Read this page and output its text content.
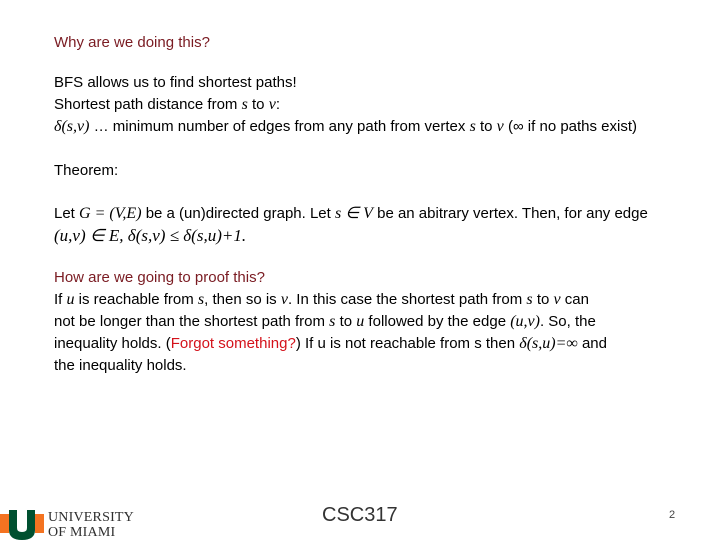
Why are we doing this?
BFS allows us to find shortest paths!
Shortest path distance from s to v:
δ(s,v) … minimum number of edges from any path from vertex s to v (∞ if no paths exist)
Theorem:
Let G = (V,E) be a (un)directed graph. Let s ∈ V be an abitrary vertex. Then, for any edge
(u,v) ∈ E, δ(s,v) ≤ δ(s,u)+1.
How are we going to proof this?
If u is reachable from s, then so is v. In this case the shortest path from s to v can
not be longer than the shortest path from s to u followed by the edge (u,v). So, the
inequality holds. (Forgot something?) If u is not reachable from s then δ(s,u)=∞ and
the inequality holds.
UNIVERSITY
OF MIAMI
CSC317	2
